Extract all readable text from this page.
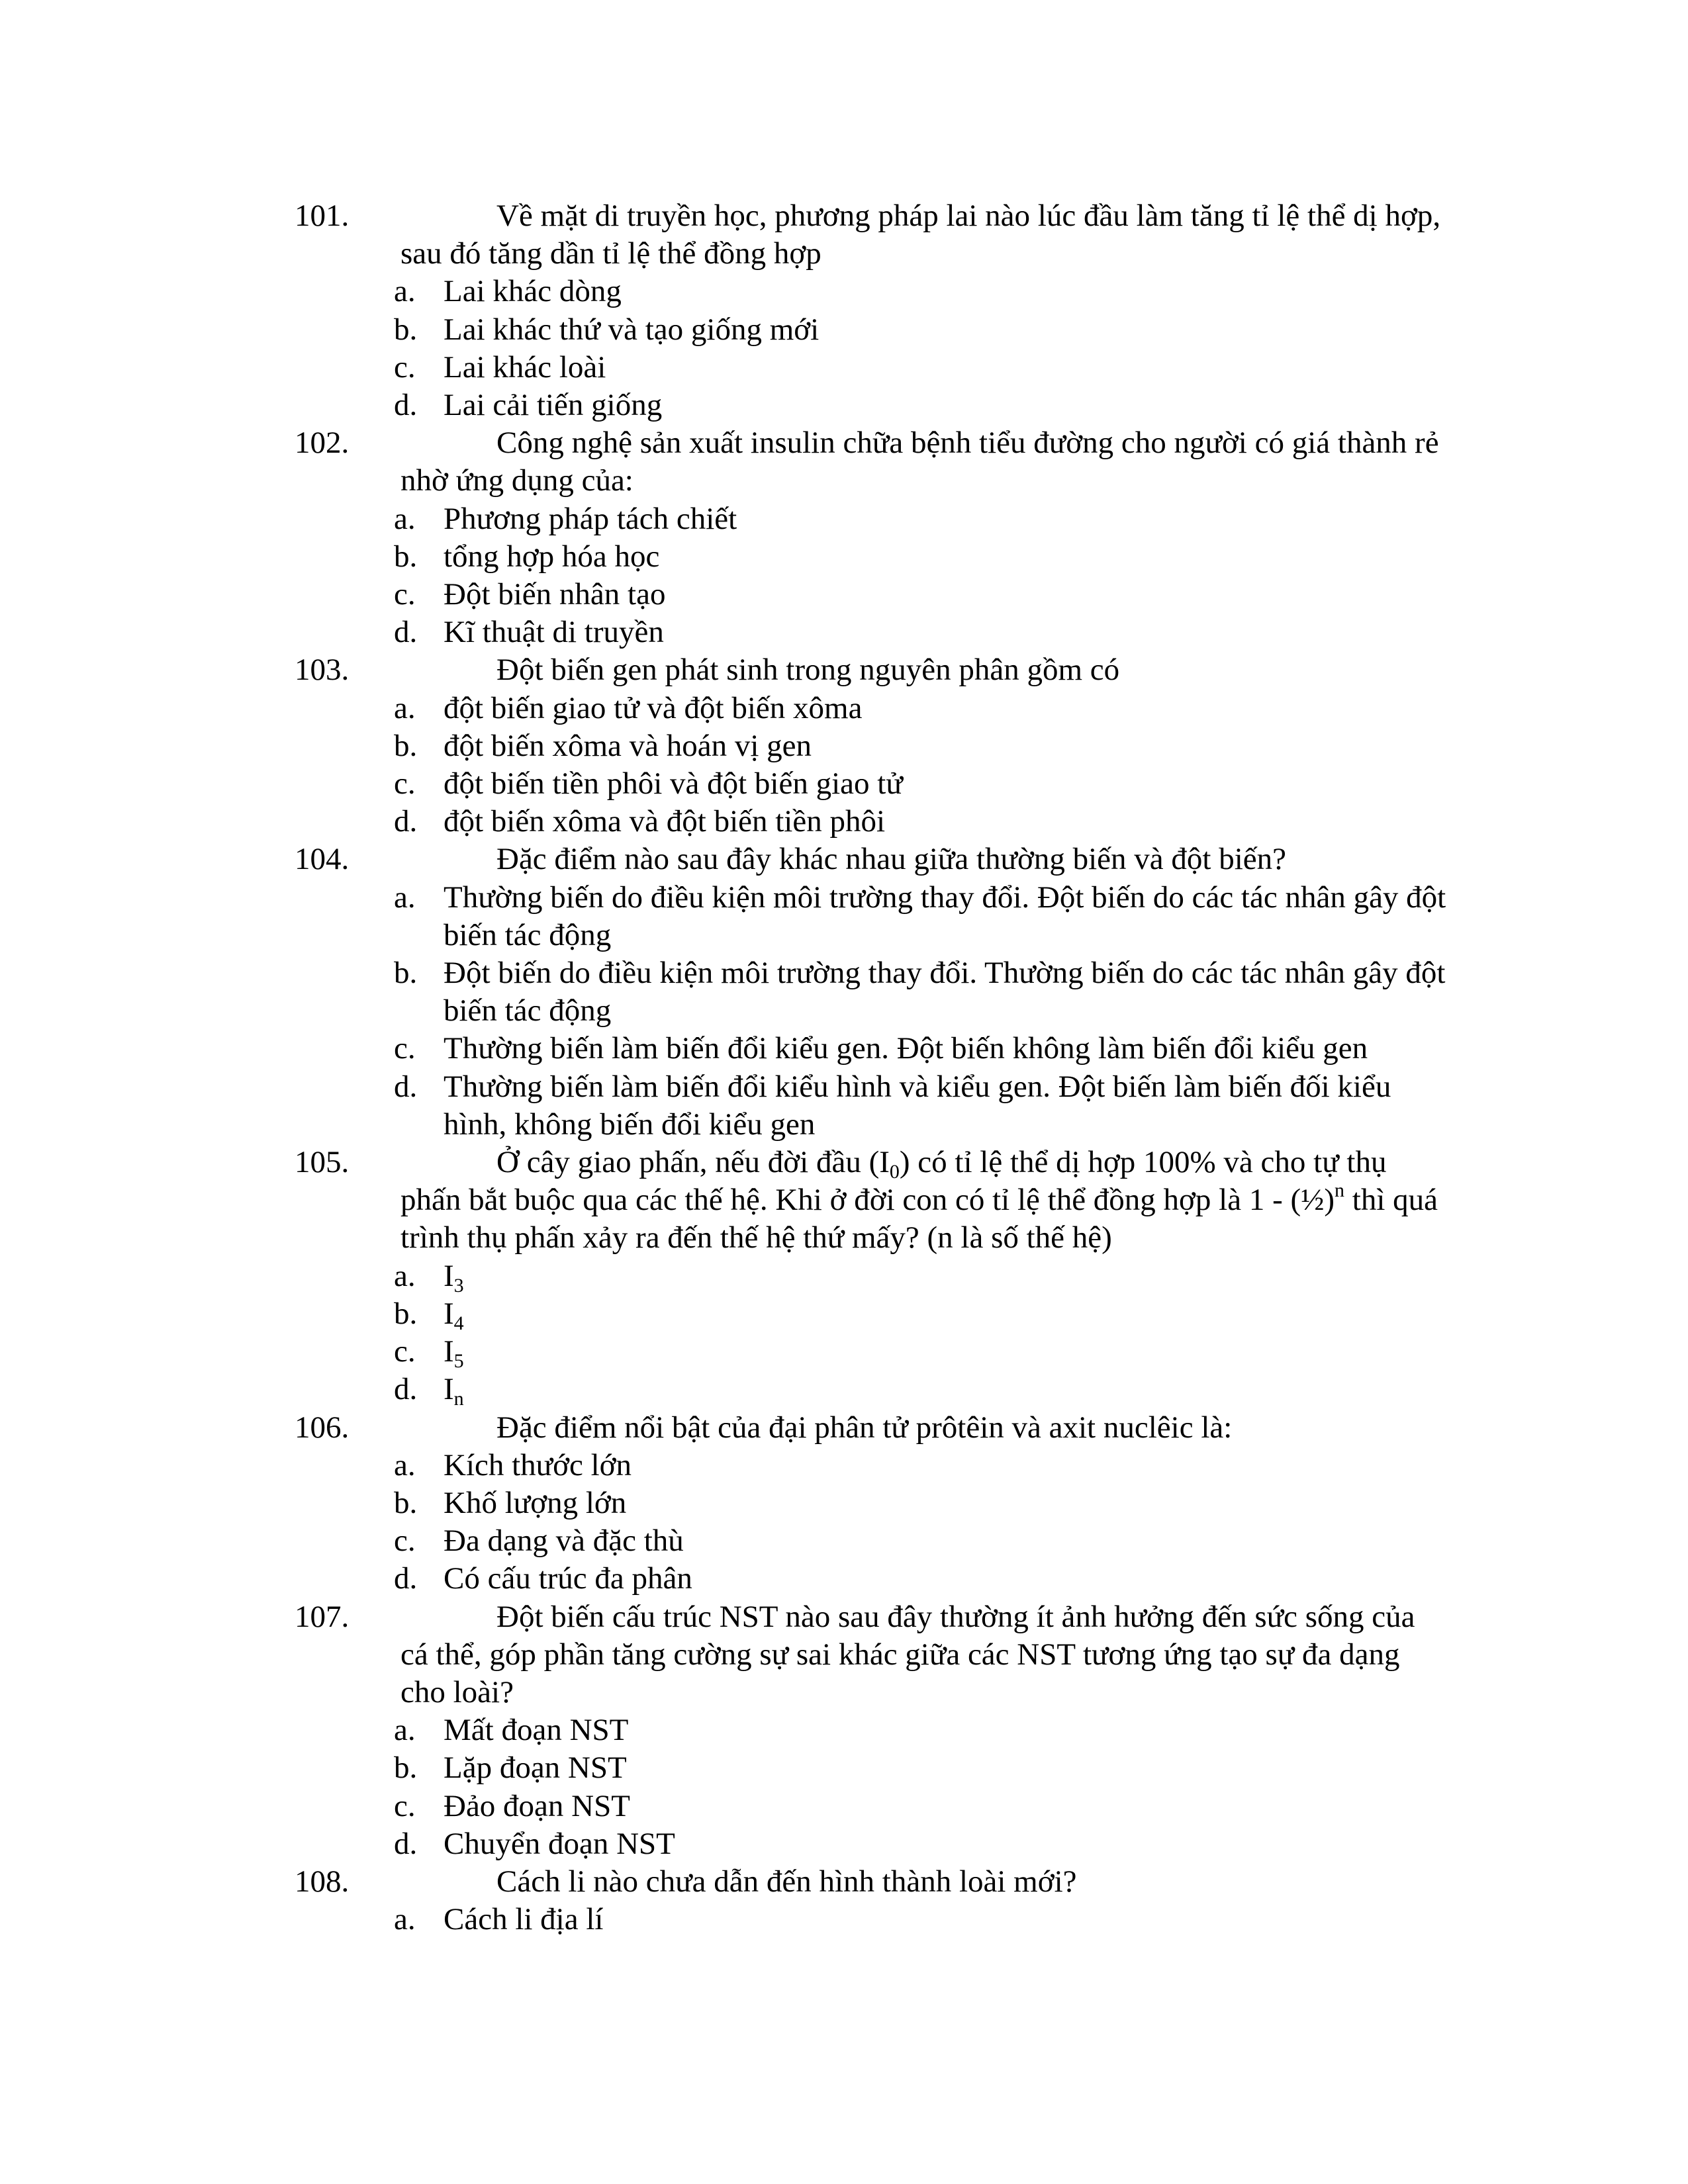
101.	Về mặt di truyền học, phương pháp lai nào lúc đầu làm tăng tỉ lệ thể dị hợp, sau đó tăng dần tỉ lệ thể đồng hợp
a. Lai khác dòng
b. Lai khác thứ và tạo giống mới
c. Lai khác loài
d. Lai cải tiến giống
102.	Công nghệ sản xuất insulin chữa bệnh tiểu đường cho người có giá thành rẻ nhờ ứng dụng của:
a. Phương pháp tách chiết
b. tổng hợp hóa học
c. Đột biến nhân tạo
d. Kĩ thuật di truyền
103.	Đột biến gen phát sinh trong nguyên phân gồm có
a. đột biến giao tử và đột biến xôma
b. đột biến xôma và hoán vị gen
c. đột biến tiền phôi và đột biến giao tử
d. đột biến xôma và đột biến tiền phôi
104.	Đặc điểm nào sau đây khác nhau giữa thường biến và đột biến?
a. Thường biến do điều kiện môi trường thay đổi. Đột biến do các tác nhân gây đột biến tác động
b. Đột biến do điều kiện môi trường thay đổi. Thường biến do các tác nhân gây đột biến tác động
c. Thường biến làm biến đổi kiểu gen. Đột biến không làm biến đổi kiểu gen
d. Thường biến làm biến đổi kiểu hình và kiểu gen. Đột biến làm biến đối kiểu hình, không biến đổi kiểu gen
105.	Ở cây giao phấn, nếu đời đầu $(I_0)$ có tỉ lệ thể dị hợp 100% và cho tự thụ phấn bắt buộc qua các thế hệ. Khi ở đời con có tỉ lệ thể đồng hợp là 1 - (½)$^n$ thì quá trình thụ phấn xảy ra đến thế hệ thứ mấy? (n là số thế hệ)
a. $I_3$
b. $I_4$
c. $I_5$
d. $I_n$
106.	Đặc điểm nổi bật của đại phân tử prôtêin và axit nuclêic là:
a. Kích thước lớn
b. Khố lượng lớn
c. Đa dạng và đặc thù
d. Có cấu trúc đa phân
107.	Đột biến cấu trúc NST nào sau đây thường ít ảnh hưởng đến sức sống của cá thể, góp phần tăng cường sự sai khác giữa các NST tương ứng tạo sự đa dạng cho loài?
a. Mất đoạn NST
b. Lặp đoạn NST
c. Đảo đoạn NST
d. Chuyển đoạn NST
108.	Cách li nào chưa dẫn đến hình thành loài mới?
a. Cách li địa lí
